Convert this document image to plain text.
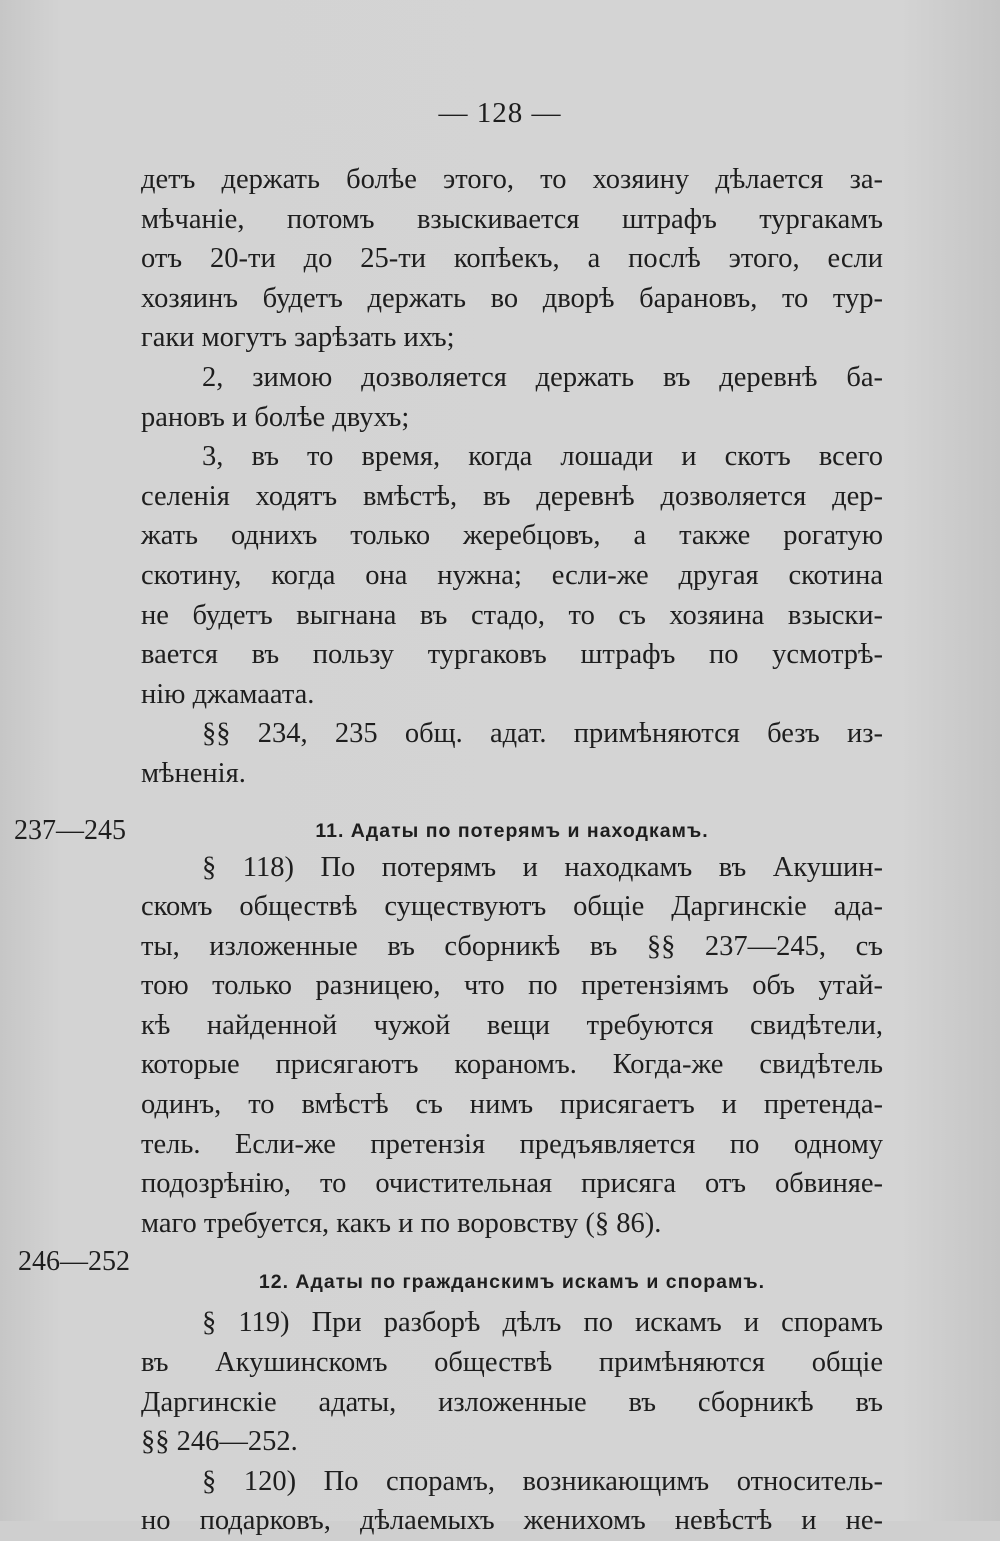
— 128 —
237—245
246—252
детъ держать болѣе этого, то хозяину дѣлается за-
мѣчаніе, потомъ взыскивается штрафъ тургакамъ
отъ 20-ти до 25-ти копѣекъ, а послѣ этого, если
хозяинъ будетъ держать во дворѣ барановъ, то тур-
гаки могутъ зарѣзать ихъ;
2, зимою дозволяется держать въ деревнѣ ба-
рановъ и болѣе двухъ;
3, въ то время, когда лошади и скотъ всего
селенія ходятъ вмѣстѣ, въ деревнѣ дозволяется дер-
жать однихъ только жеребцовъ, а также рогатую
скотину, когда она нужна; если-же другая скотина
не будетъ выгнана въ стадо, то съ хозяина взыски-
вается въ пользу тургаковъ штрафъ по усмотрѣ-
нію джамаата.
§§ 234, 235 общ. адат. примѣняются безъ из-
мѣненія.
11. Адаты по потерямъ и находкамъ.
§ 118) По потерямъ и находкамъ въ Акушин-
скомъ обществѣ существуютъ общіе Даргинскіе ада-
ты, изложенные въ сборникѣ въ §§ 237—245, съ
тою только разницею, что по претензіямъ объ утай-
кѣ найденной чужой вещи требуются свидѣтели,
которые присягаютъ кораномъ. Когда-же свидѣтель
одинъ, то вмѣстѣ съ нимъ присягаетъ и претенда-
тель. Если-же претензія предъявляется по одному
подозрѣнію, то очистительная присяга отъ обвиняе-
маго требуется, какъ и по воровству (§ 86).
12. Адаты по гражданскимъ искамъ и спорамъ.
§ 119) При разборѣ дѣлъ по искамъ и спорамъ
въ Акушинскомъ обществѣ примѣняются общіе
Даргинскіе адаты, изложенные въ сборникѣ въ
§§ 246—252.
§ 120) По спорамъ, возникающимъ относитель-
но подарковъ, дѣлаемыхъ женихомъ невѣстѣ и не-
